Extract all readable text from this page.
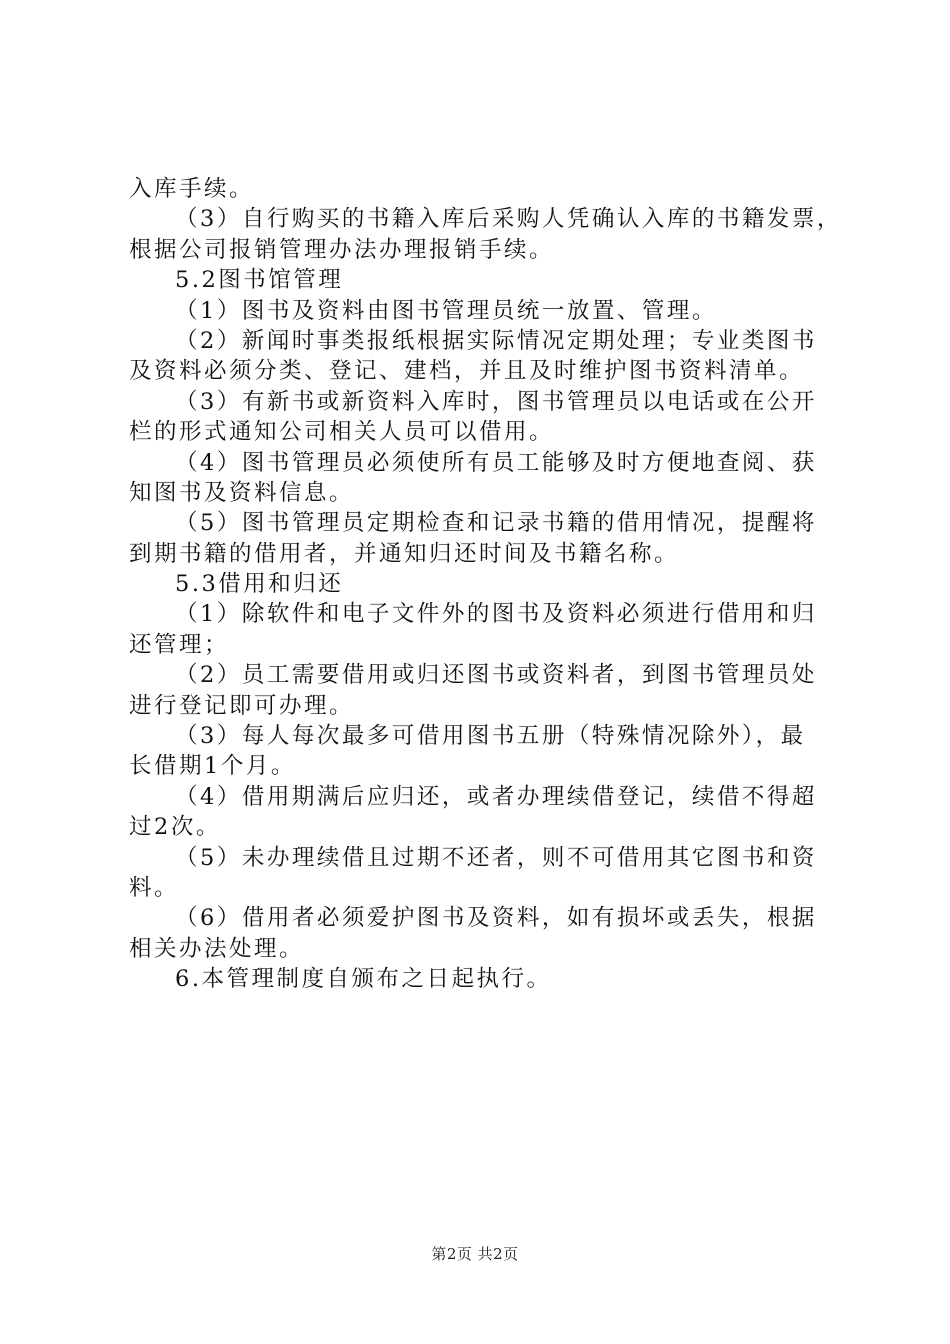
入库手续。
（3）自行购买的书籍入库后采购人凭确认入库的书籍发票，
根据公司报销管理办法办理报销手续。
5.2图书馆管理
（1）图书及资料由图书管理员统一放置、管理。
（2）新闻时事类报纸根据实际情况定期处理；专业类图书
及资料必须分类、登记、建档，并且及时维护图书资料清单。
（3）有新书或新资料入库时，图书管理员以电话或在公开
栏的形式通知公司相关人员可以借用。
（4）图书管理员必须使所有员工能够及时方便地查阅、获
知图书及资料信息。
（5）图书管理员定期检查和记录书籍的借用情况，提醒将
到期书籍的借用者，并通知归还时间及书籍名称。
5.3借用和归还
（1）除软件和电子文件外的图书及资料必须进行借用和归
还管理；
（2）员工需要借用或归还图书或资料者，到图书管理员处
进行登记即可办理。
（3）每人每次最多可借用图书五册（特殊情况除外），最
长借期1个月。
（4）借用期满后应归还，或者办理续借登记，续借不得超
过2次。
（5）未办理续借且过期不还者，则不可借用其它图书和资
料。
（6）借用者必须爱护图书及资料，如有损坏或丢失，根据
相关办法处理。
6.本管理制度自颁布之日起执行。
第2页 共2页
